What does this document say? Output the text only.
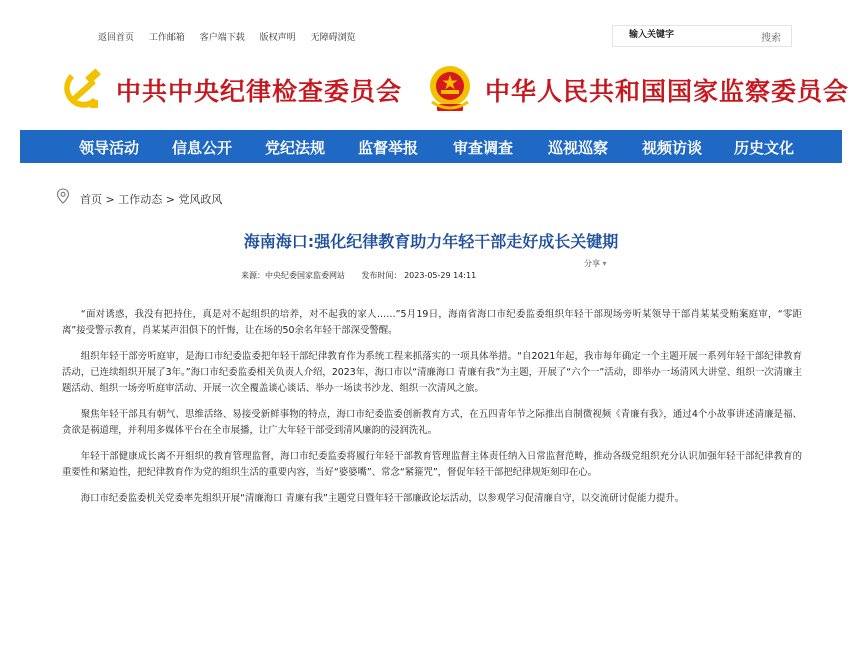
返回首页 工作邮箱 客户端下载 版权声明 无障碍浏览
输入关键字	搜索
中共中央纪律检查委员会	中华人民共和国国家监察委员会
领导活动 信息公开 党纪法规 监督举报 审查调查 巡视巡察 视频访谈 历史文化
首页 > 工作动态 > 党风政风
海南海口:强化纪律教育助力年轻干部走好成长关键期
分享 ▾
来源：中央纪委国家监委网站 发布时间： 2023-05-29 14:11

“面对诱惑，我没有把持住，真是对不起组织的培养，对不起我的家人……”5月19日，海南省海口市纪委监委组织年轻干部现场旁听某领导干部肖某某受贿案庭审，“零距离”接受警示教育，肖某某声泪俱下的忏悔，让在场的50余名年轻干部深受警醒。

组织年轻干部旁听庭审，是海口市纪委监委把年轻干部纪律教育作为系统工程来抓落实的一项具体举措。“自2021年起，我市每年确定一个主题开展一系列年轻干部纪律教育活动，已连续组织开展了3年。”海口市纪委监委相关负责人介绍，2023年，海口市以“清廉海口 青廉有我”为主题，开展了“六个一”活动，即举办一场清风大讲堂、组织一次清廉主题活动、组织一场旁听庭审活动、开展一次全覆盖谈心谈话、举办一场读书沙龙、组织一次清风之旅。

聚焦年轻干部具有朝气、思维活络、易接受新鲜事物的特点，海口市纪委监委创新教育方式，在五四青年节之际推出自制微视频《青廉有我》，通过4个小故事讲述清廉是福、贪欲是祸道理，并利用多媒体平台在全市展播，让广大年轻干部受到清风廉韵的浸润洗礼。

年轻干部健康成长离不开组织的教育管理监督，海口市纪委监委将履行年轻干部教育管理监督主体责任纳入日常监督范畴，推动各级党组织充分认识加强年轻干部纪律教育的重要性和紧迫性，把纪律教育作为党的组织生活的重要内容，当好“婆婆嘴”、常念“紧箍咒”，督促年轻干部把纪律规矩刻印在心。

海口市纪委监委机关党委率先组织开展“清廉海口 青廉有我”主题党日暨年轻干部廉政论坛活动，以参观学习促清廉自守，以交流研讨促能力提升。
